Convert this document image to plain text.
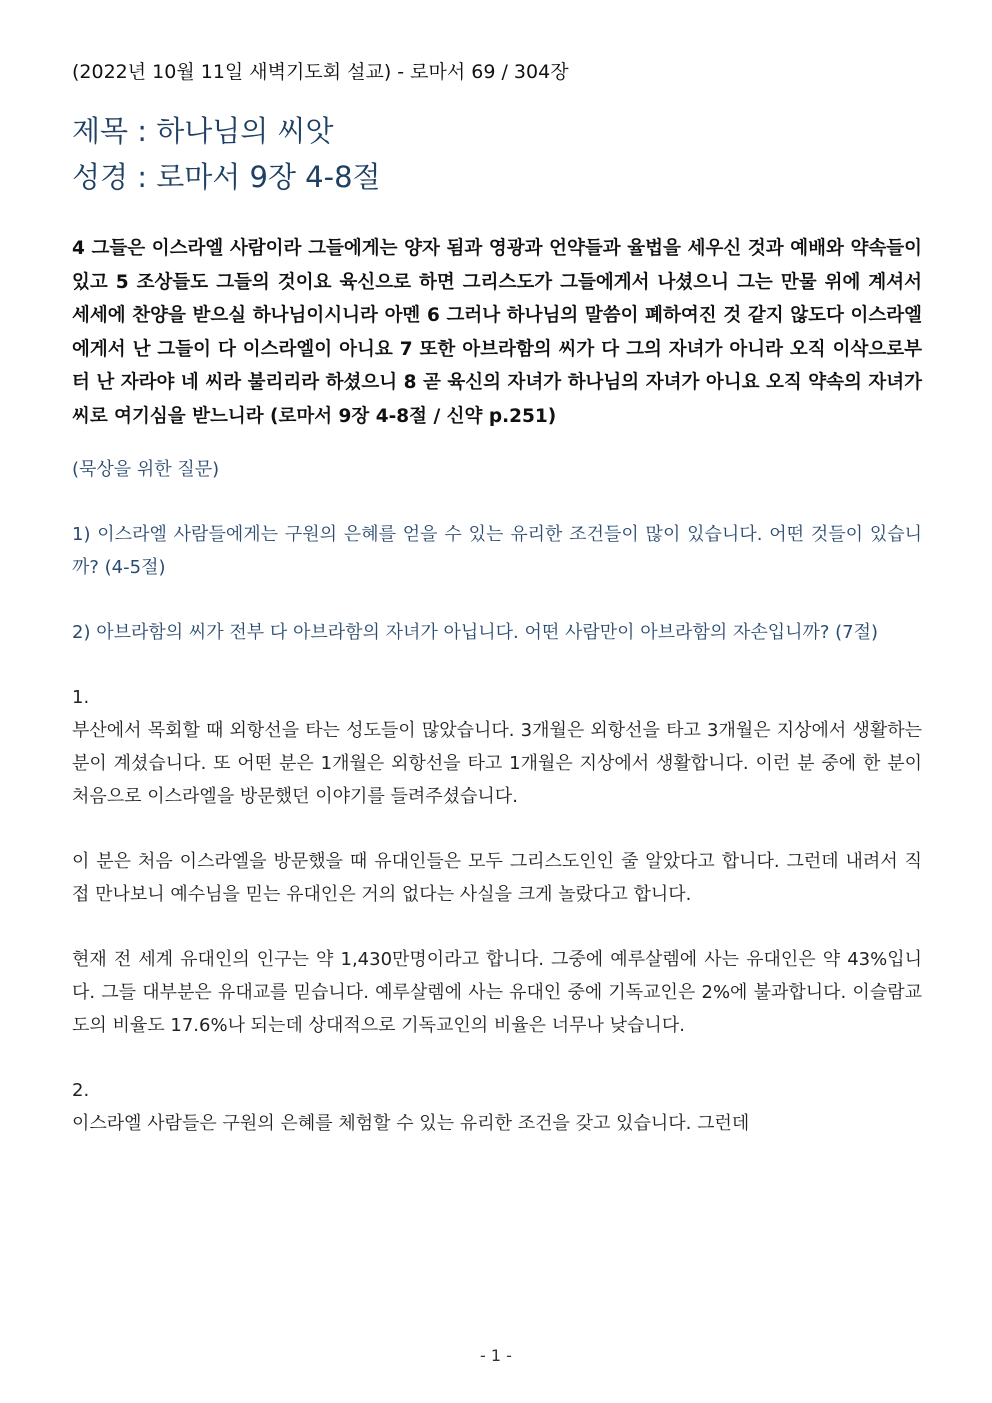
(2022년 10월 11일 새벽기도회 설교) - 로마서 69 / 304장

제목 : 하나님의 씨앗

성경 : 로마서 9장 4-8절

4 그들은 이스라엘 사람이라 그들에게는 양자 됨과 영광과 언약들과 율법을 세우신 것과 예배와 약속들이 있고 5 조상들도 그들의 것이요 육신으로 하면 그리스도가 그들에게서 나셨으니 그는 만물 위에 계셔서 세세에 찬양을 받으실 하나님이시니라 아멘 6 그러나 하나님의 말씀이 폐하여진 것 같지 않도다 이스라엘에게서 난 그들이 다 이스라엘이 아니요 7 또한 아브라함의 씨가 다 그의 자녀가 아니라 오직 이삭으로부터 난 자라야 네 씨라 불리리라 하셨으니 8 곧 육신의 자녀가 하나님의 자녀가 아니요 오직 약속의 자녀가 씨로 여기심을 받느니라 (로마서 9장 4-8절 / 신약 p.251)

(묵상을 위한 질문)

1) 이스라엘 사람들에게는 구원의 은혜를 얻을 수 있는 유리한 조건들이 많이 있습니다. 어떤 것들이 있습니까? (4-5절)

2) 아브라함의 씨가 전부 다 아브라함의 자녀가 아닙니다. 어떤 사람만이 아브라함의 자손입니까? (7절)

1.

부산에서 목회할 때 외항선을 타는 성도들이 많았습니다. 3개월은 외항선을 타고 3개월은 지상에서 생활하는 분이 계셨습니다. 또 어떤 분은 1개월은 외항선을 타고 1개월은 지상에서 생활합니다. 이런 분 중에 한 분이 처음으로 이스라엘을 방문했던 이야기를 들려주셨습니다.

이 분은 처음 이스라엘을 방문했을 때 유대인들은 모두 그리스도인인 줄 알았다고 합니다. 그런데 내려서 직접 만나보니 예수님을 믿는 유대인은 거의 없다는 사실을 크게 놀랐다고 합니다.

현재 전 세계 유대인의 인구는 약 1,430만명이라고 합니다. 그중에 예루살렘에 사는 유대인은 약 43%입니다. 그들 대부분은 유대교를 믿습니다. 예루살렘에 사는 유대인 중에 기독교인은 2%에 불과합니다. 이슬람교도의 비율도 17.6%나 되는데 상대적으로 기독교인의 비율은 너무나 낮습니다.

2.

이스라엘 사람들은 구원의 은혜를 체험할 수 있는 유리한 조건을 갖고 있습니다. 그런데

- 1 -
